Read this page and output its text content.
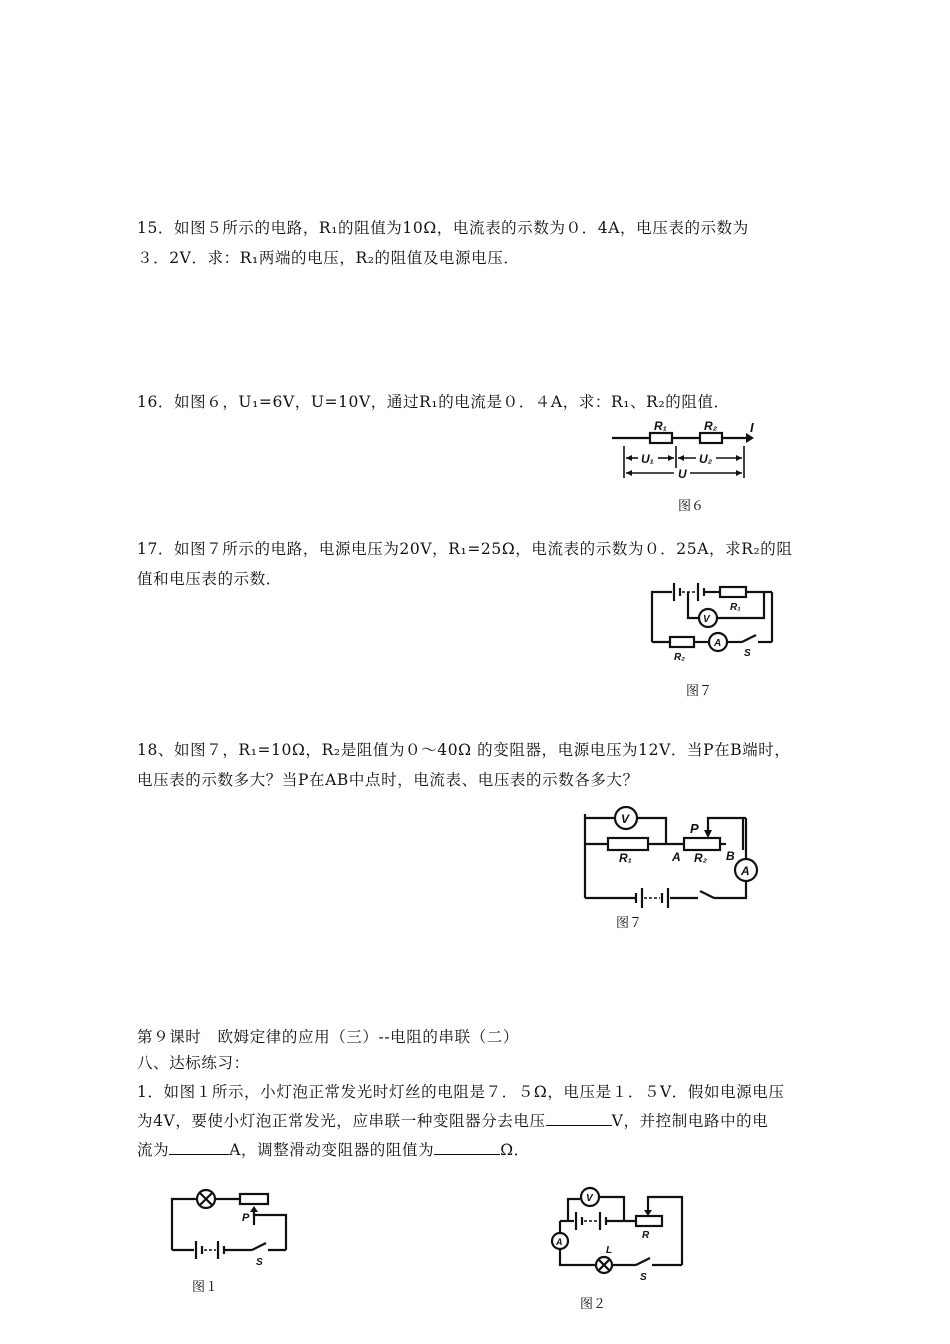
15．如图５所示的电路，R₁的阻值为10Ω，电流表的示数为０．4A，电压表的示数为
３．2V．求：R₁两端的电压，R₂的阻值及电源电压．
16．如图６，U₁=6V，U=10V，通过R₁的电流是０．４A，求：R₁、R₂的阻值．
R₁	R₂	I
U₁	U₂
U
图６
17．如图７所示的电路，电源电压为20V，R₁=25Ω，电流表的示数为０．25A，求R₂的阻
值和电压表的示数．
V
R₁
A
R₂	S
图７
18、如图７，R₁=10Ω，R₂是阻值为０～40Ω 的变阻器，电源电压为12V．当P在B端时，
电压表的示数多大？当P在AB中点时，电流表、电压表的示数各多大？
V
P
R₁	A R₂ B
A
图７
第９课时　欧姆定律的应用（三）--电阻的串联（二）
八、达标练习：
1．如图１所示，小灯泡正常发光时灯丝的电阻是７．５Ω，电压是１．５V．假如电源电压
为4V，要使小灯泡正常发光，应串联一种变阻器分去电压	V，并控制电路中的电
流为	A，调整滑动变阻器的阻值为	Ω．
P
S
图１
V
R
A
L
S
图２
